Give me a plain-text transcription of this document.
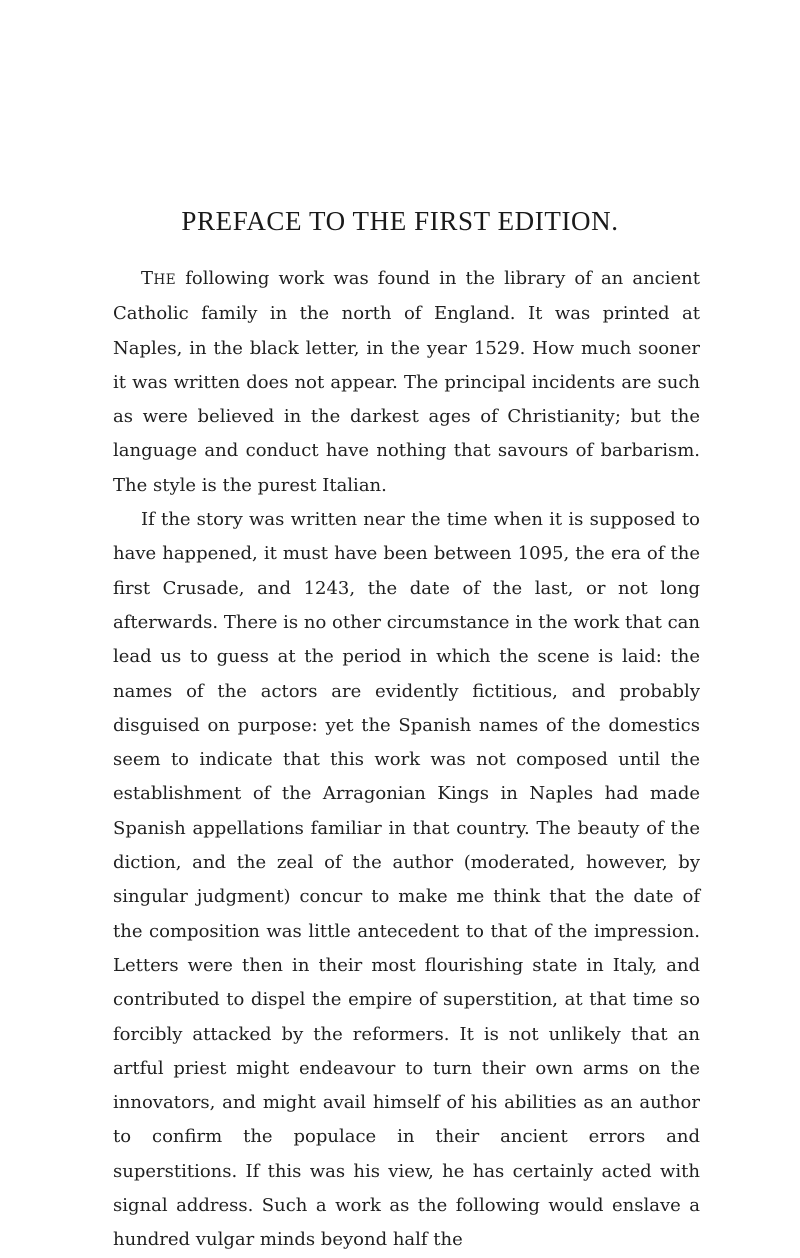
PREFACE TO THE FIRST EDITION.

THE following work was found in the library of an ancient Catholic family in the north of England. It was printed at Naples, in the black letter, in the year 1529. How much sooner it was written does not appear. The principal incidents are such as were believed in the darkest ages of Christianity; but the language and conduct have nothing that savours of barbarism. The style is the purest Italian.

If the story was written near the time when it is supposed to have happened, it must have been between 1095, the era of the first Crusade, and 1243, the date of the last, or not long afterwards. There is no other circumstance in the work that can lead us to guess at the period in which the scene is laid: the names of the actors are evidently fictitious, and probably disguised on purpose: yet the Spanish names of the domestics seem to indicate that this work was not composed until the establishment of the Arragonian Kings in Naples had made Spanish appellations familiar in that country. The beauty of the diction, and the zeal of the author (moderated, however, by singular judgment) concur to make me think that the date of the composition was little antecedent to that of the impression. Letters were then in their most flourishing state in Italy, and contributed to dispel the empire of superstition, at that time so forcibly attacked by the reformers. It is not unlikely that an artful priest might endeavour to turn their own arms on the innovators, and might avail himself of his abilities as an author to confirm the populace in their ancient errors and superstitions. If this was his view, he has certainly acted with signal address. Such a work as the following would enslave a hundred vulgar minds beyond half the
